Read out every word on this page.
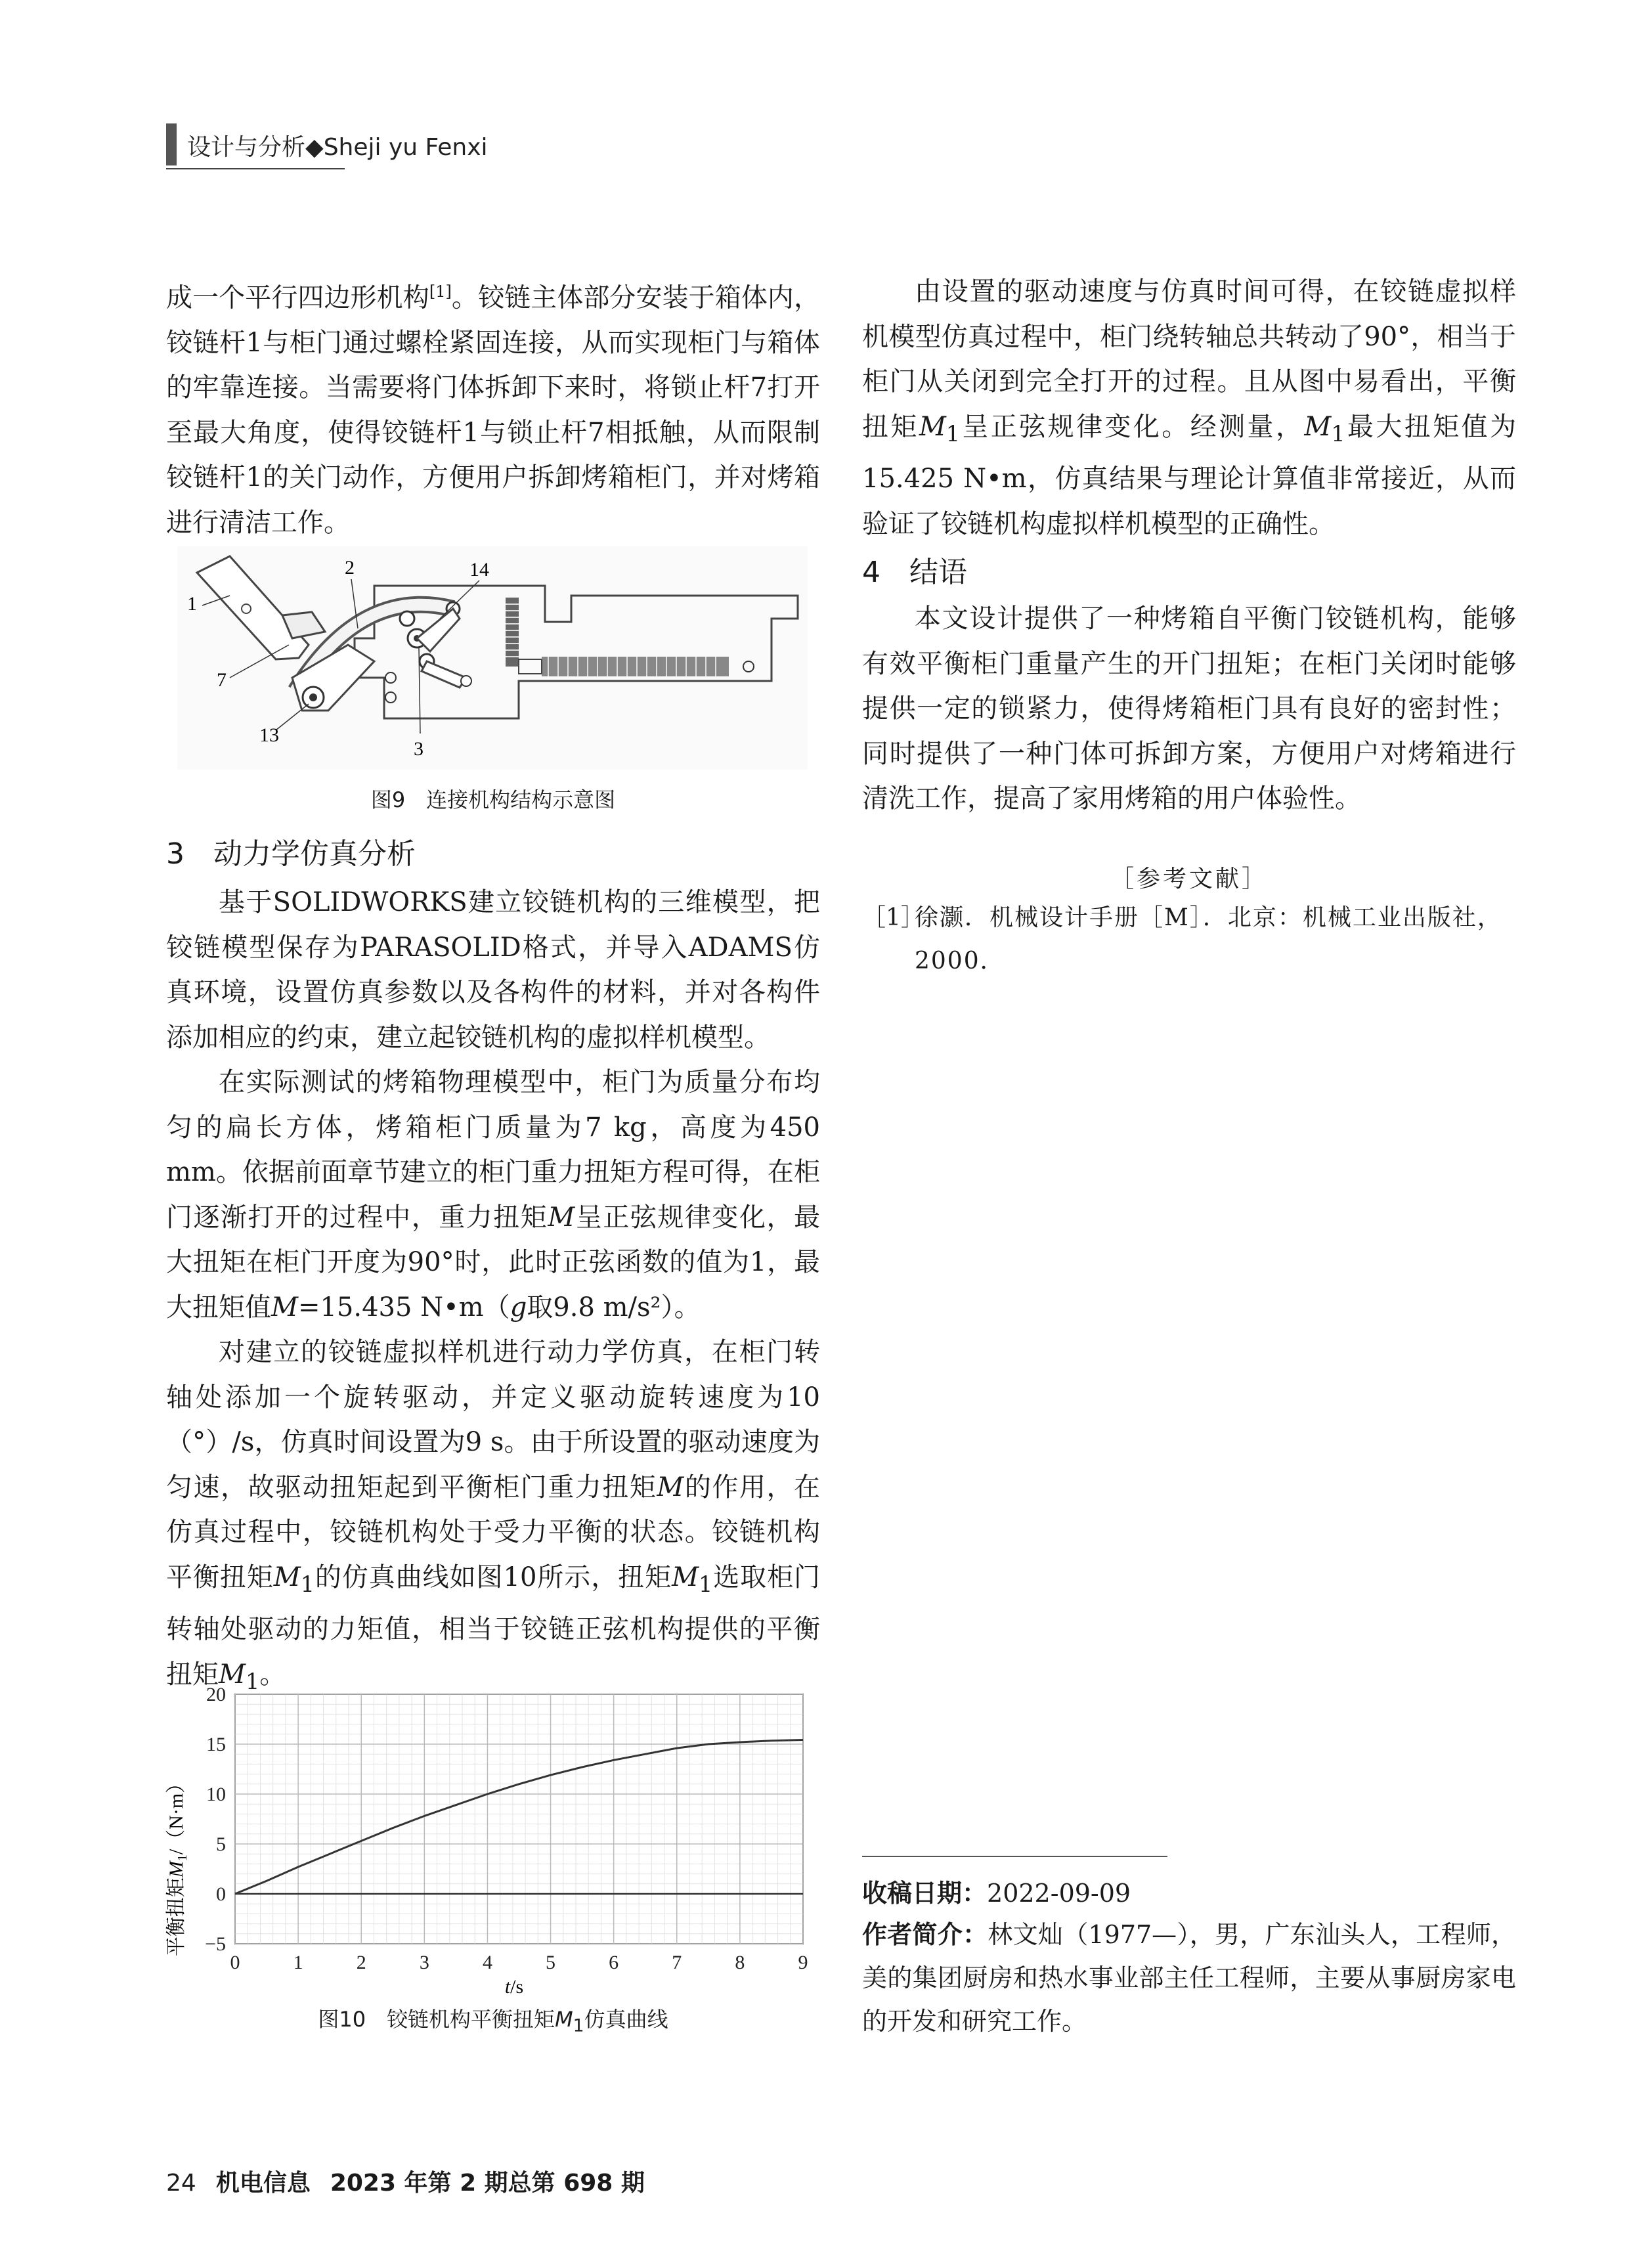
设计与分析◆Sheji yu Fenxi

成一个平行四边形机构[1]。铰链主体部分安装于箱体内，铰链杆1与柜门通过螺栓紧固连接，从而实现柜门与箱体的牢靠连接。当需要将门体拆卸下来时，将锁止杆7打开至最大角度，使得铰链杆1与锁止杆7相抵触，从而限制铰链杆1的关门动作，方便用户拆卸烤箱柜门，并对烤箱进行清洁工作。

1
2	14
7
13
3
图9　连接机构结构示意图

3　动力学仿真分析

基于SOLIDWORKS建立铰链机构的三维模型，把铰链模型保存为PARASOLID格式，并导入ADAMS仿真环境，设置仿真参数以及各构件的材料，并对各构件添加相应的约束，建立起铰链机构的虚拟样机模型。

在实际测试的烤箱物理模型中，柜门为质量分布均匀的扁长方体，烤箱柜门质量为7 kg，高度为450 mm。依据前面章节建立的柜门重力扭矩方程可得，在柜门逐渐打开的过程中，重力扭矩M呈正弦规律变化，最大扭矩在柜门开度为90°时，此时正弦函数的值为1，最大扭矩值M=15.435 N•m（g取9.8 m/s²）。

对建立的铰链虚拟样机进行动力学仿真，在柜门转轴处添加一个旋转驱动，并定义驱动旋转速度为10（°）/s，仿真时间设置为9 s。由于所设置的驱动速度为匀速，故驱动扭矩起到平衡柜门重力扭矩M的作用，在仿真过程中，铰链机构处于受力平衡的状态。铰链机构平衡扭矩$M_1$的仿真曲线如图10所示，扭矩$M_1$选取柜门转轴处驱动的力矩值，相当于铰链正弦机构提供的平衡扭矩$M_1$。

0	1	2	3	4	5	6	7	8	9
−5
0
5
10
15
20
平衡扭矩$M_1/(N\cdot m)$
t/s
图10　铰链机构平衡扭矩$M_1$仿真曲线

由设置的驱动速度与仿真时间可得，在铰链虚拟样机模型仿真过程中，柜门绕转轴总共转动了90°，相当于柜门从关闭到完全打开的过程。且从图中易看出，平衡扭矩$M_1$呈正弦规律变化。经测量，$M_1$最大扭矩值为15.425 N•m，仿真结果与理论计算值非常接近，从而验证了铰链机构虚拟样机模型的正确性。

4　结语

本文设计提供了一种烤箱自平衡门铰链机构，能够有效平衡柜门重量产生的开门扭矩；在柜门关闭时能够提供一定的锁紧力，使得烤箱柜门具有良好的密封性；同时提供了一种门体可拆卸方案，方便用户对烤箱进行清洗工作，提高了家用烤箱的用户体验性。

［参考文献］
［1］
徐灏．机械设计手册［M］．北京：机械工业出版社，2000．
收稿日期：2022-09-09
作者简介：林文灿（1977—），男，广东汕头人，工程师，美的集团厨房和热水事业部主任工程师，主要从事厨房家电的开发和研究工作。
24 机电信息 2023 年第 2 期总第 698 期
